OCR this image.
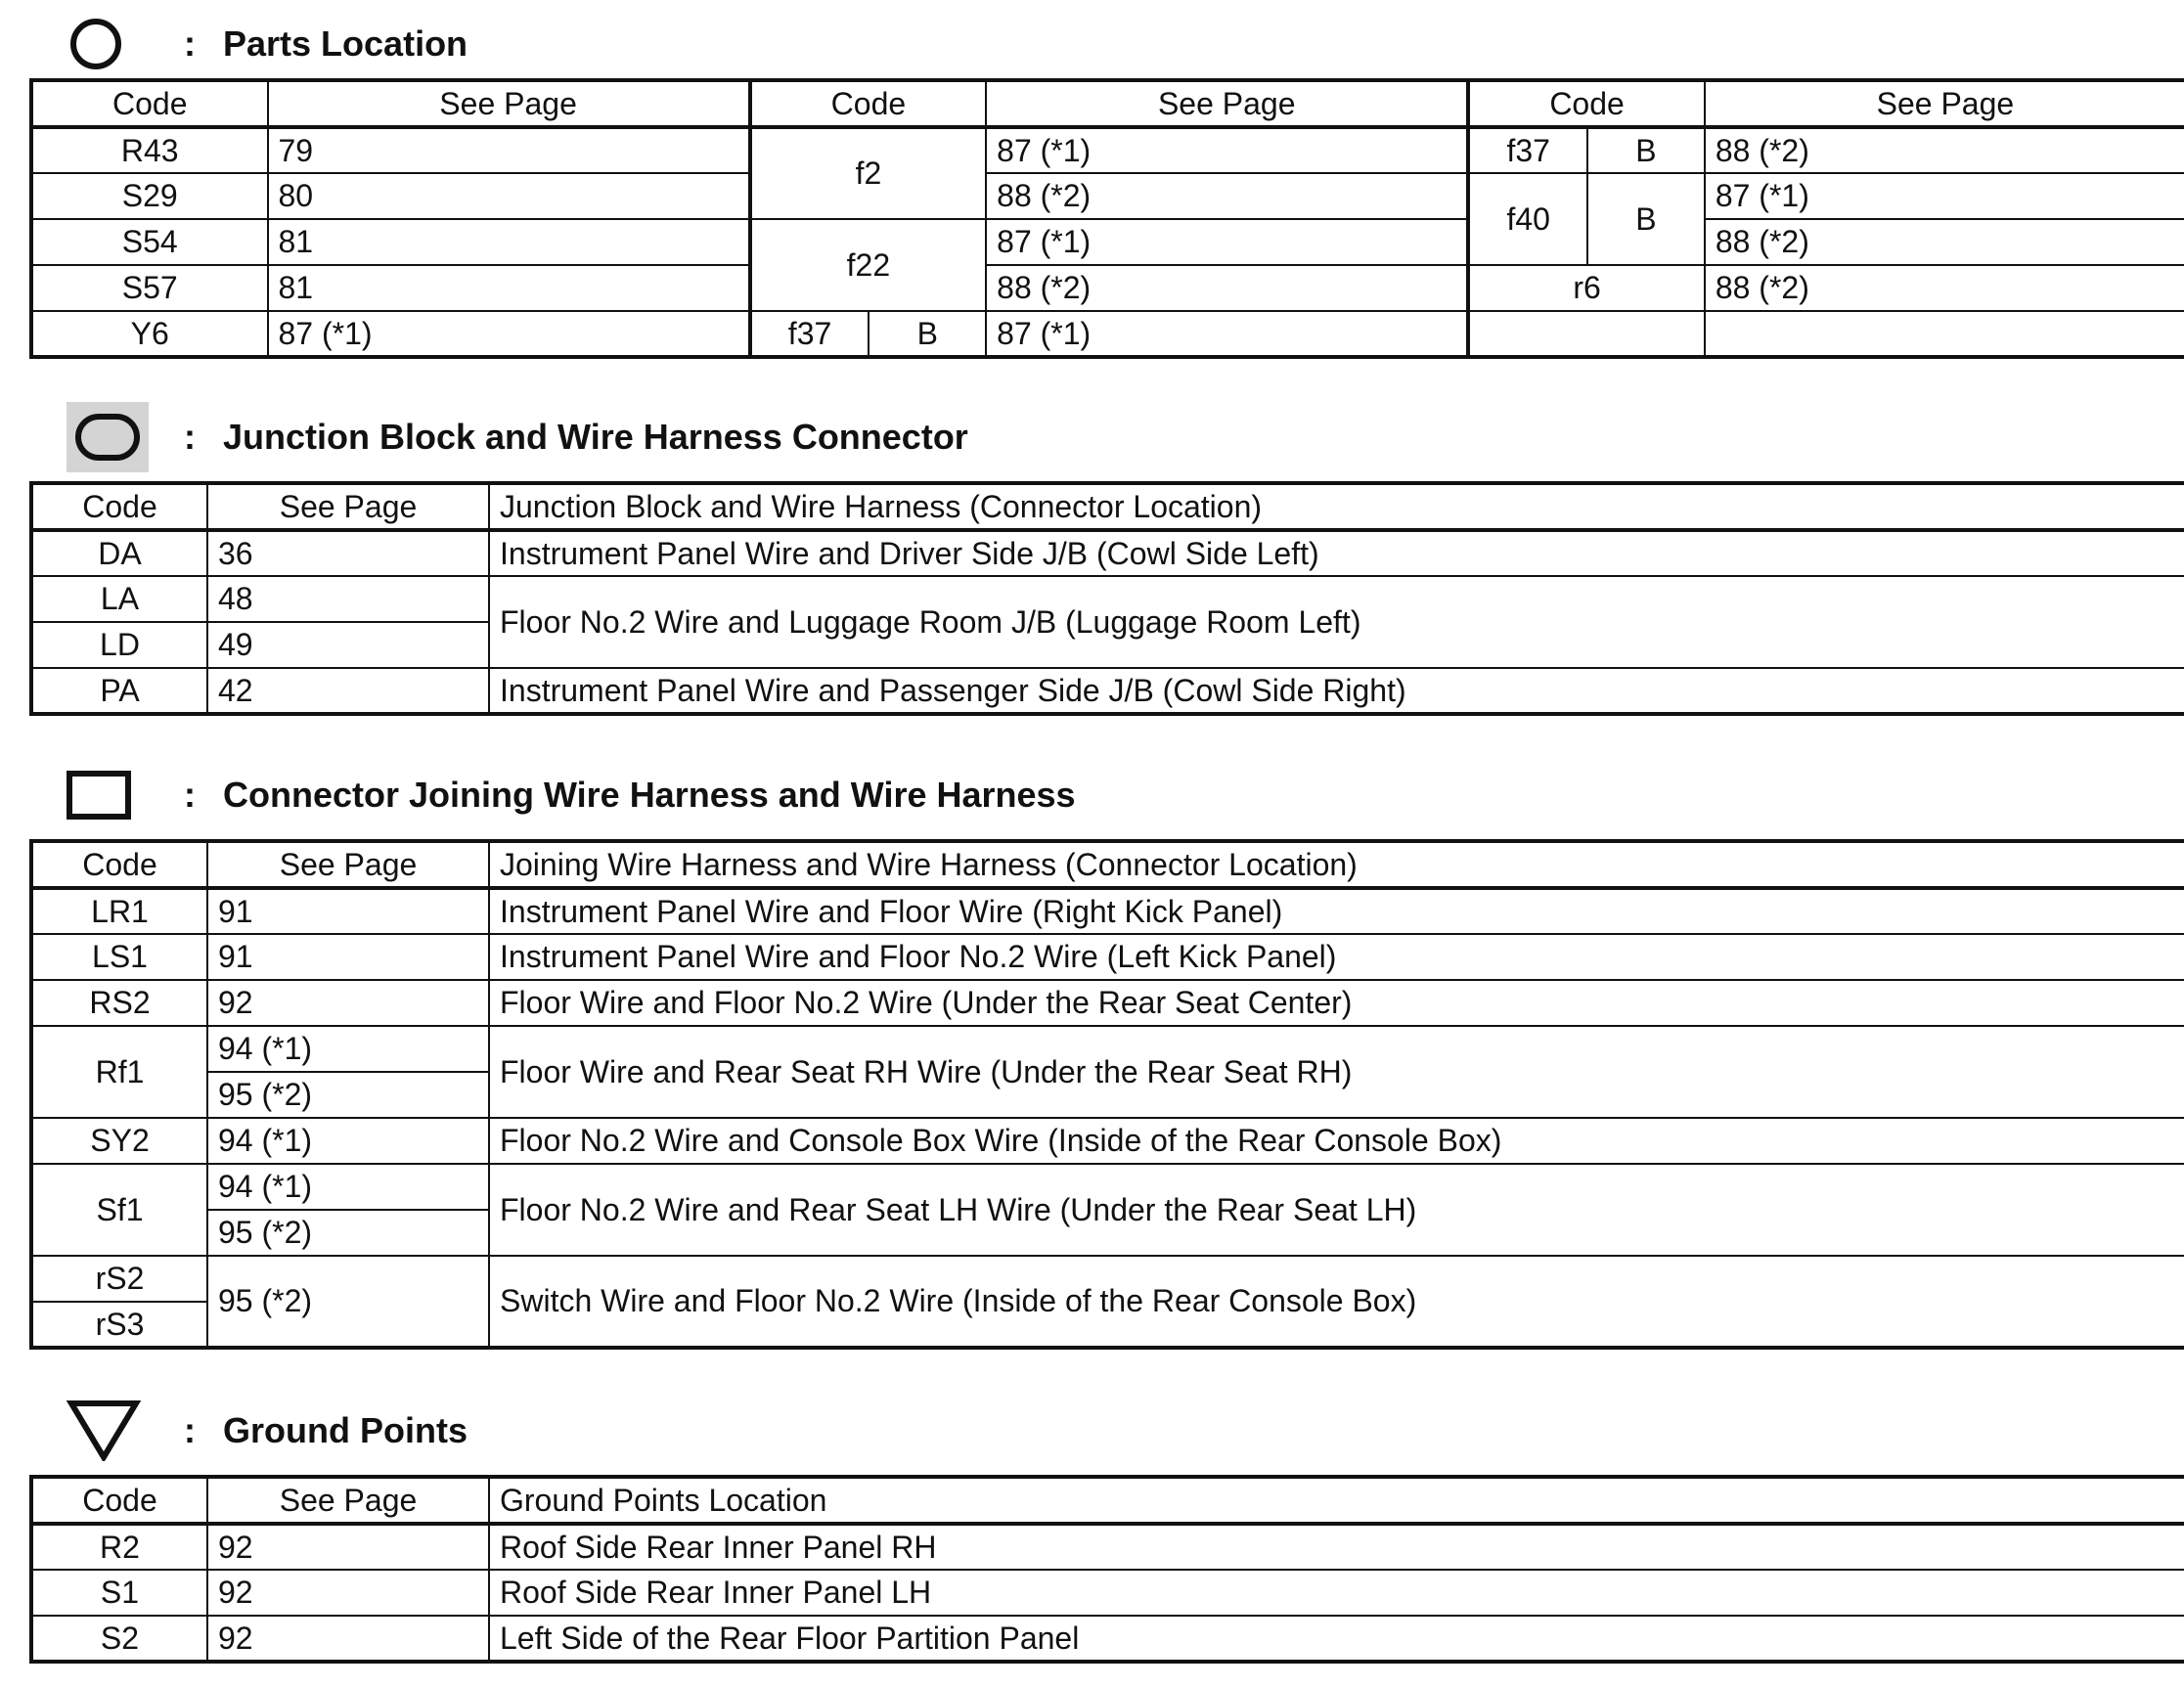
: Parts Location
Code	See Page	Code		See Page	Code		See Page
R43	79	f2		87 (*1)	f37	B	88 (*2)
S29	80			88 (*2)	f40	B	87 (*1)
S54	81	f22		87 (*1)			88 (*2)
S57	81			88 (*2)	r6		88 (*2)
Y6	87 (*1)	f37	B	87 (*1)			
: Junction Block and Wire Harness Connector
Code	See Page	Junction Block and Wire Harness (Connector Location)
DA	36	Instrument Panel Wire and Driver Side J/B (Cowl Side Left)
LA	48	Floor No.2 Wire and Luggage Room J/B (Luggage Room Left)
LD	49	
PA	42	Instrument Panel Wire and Passenger Side J/B (Cowl Side Right)
: Connector Joining Wire Harness and Wire Harness
Code	See Page	Joining Wire Harness and Wire Harness (Connector Location)
LR1	91	Instrument Panel Wire and Floor Wire (Right Kick Panel)
LS1	91	Instrument Panel Wire and Floor No.2 Wire (Left Kick Panel)
RS2	92	Floor Wire and Floor No.2 Wire (Under the Rear Seat Center)
Rf1	94 (*1)	Floor Wire and Rear Seat RH Wire (Under the Rear Seat RH)
	95 (*2)	
SY2	94 (*1)	Floor No.2 Wire and Console Box Wire (Inside of the Rear Console Box)
Sf1	94 (*1)	Floor No.2 Wire and Rear Seat LH Wire (Under the Rear Seat LH)
	95 (*2)	
rS2	95 (*2)	Switch Wire and Floor No.2 Wire (Inside of the Rear Console Box)
rS3		
: Ground Points
Code	See Page	Ground Points Location
R2	92	Roof Side Rear Inner Panel RH
S1	92	Roof Side Rear Inner Panel LH
S2	92	Left Side of the Rear Floor Partition Panel
